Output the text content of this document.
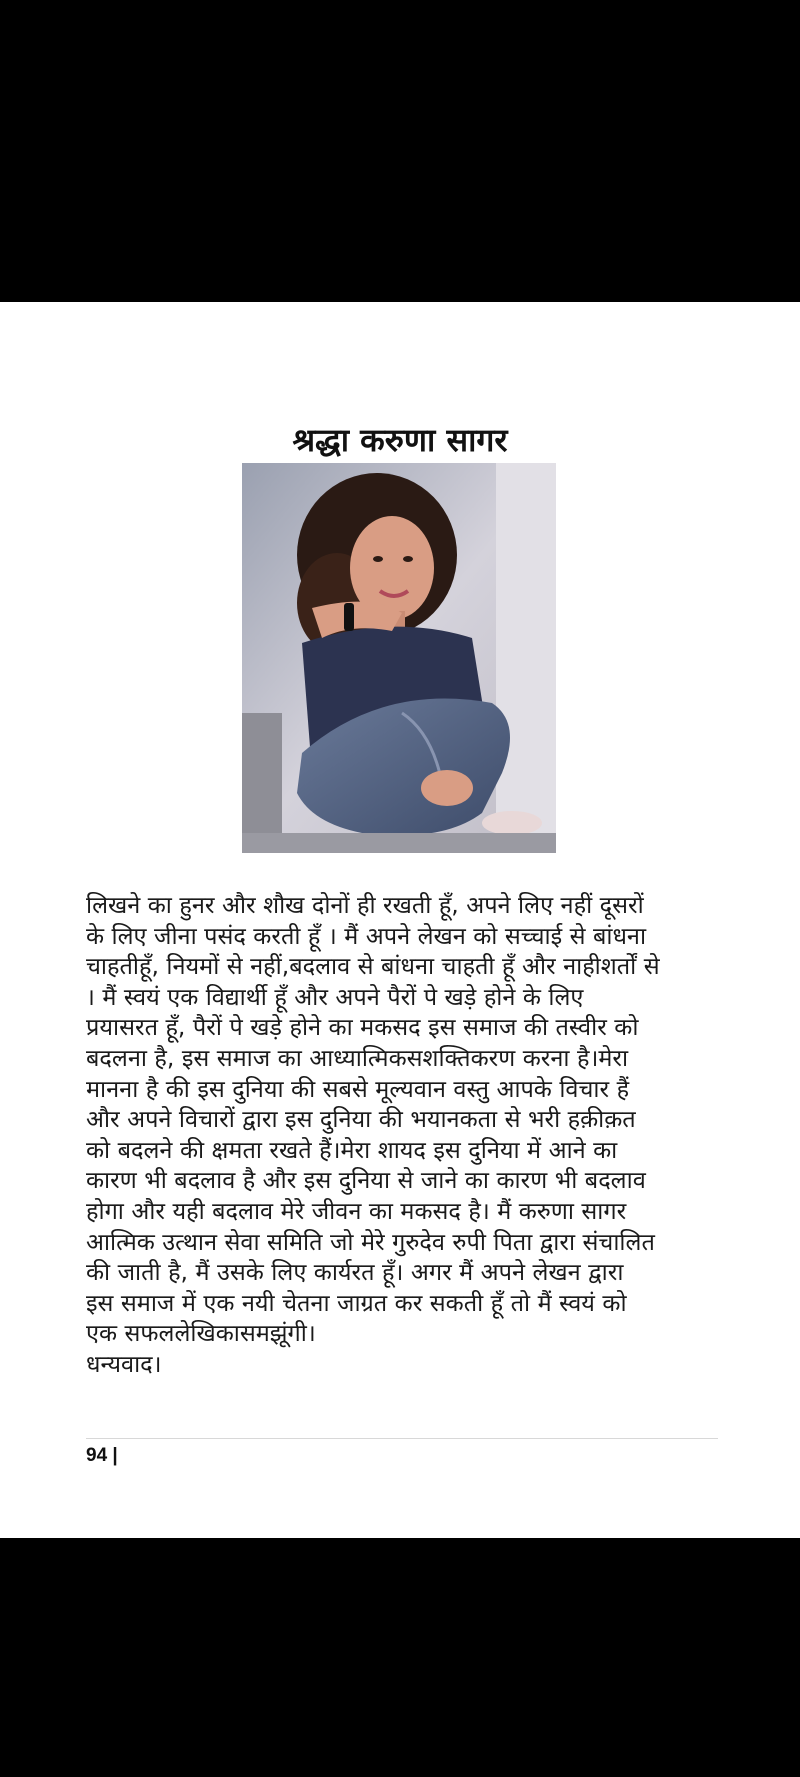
श्रद्धा करुणा सागर
लिखने का हुनर और शौख दोनों ही रखती हूँ, अपने लिए नहीं दूसरों
के लिए जीना पसंद करती हूँ । मैं अपने लेखन को सच्चाई से बांधना
चाहतीहूँ, नियमों से नहीं,बदलाव से बांधना चाहती हूँ और नाहीशर्तों से
। मैं स्वयं एक विद्यार्थी हूँ और अपने पैरों पे खड़े होने के लिए
प्रयासरत हूँ, पैरों पे खड़े होने का मकसद इस समाज की तस्वीर को
बदलना है, इस समाज का आध्यात्मिकसशक्तिकरण करना है।मेरा
मानना है की इस दुनिया की सबसे मूल्यवान वस्तु आपके विचार हैं
और अपने विचारों द्वारा इस दुनिया की भयानकता से भरी हक़ीक़त
को बदलने की क्षमता रखते हैं।मेरा शायद इस दुनिया में आने का
कारण भी बदलाव है और इस दुनिया से जाने का कारण भी बदलाव
होगा और यही बदलाव मेरे जीवन का मकसद है। मैं करुणा सागर
आत्मिक उत्थान सेवा समिति जो मेरे गुरुदेव रुपी पिता द्वारा संचालित
की जाती है, मैं उसके लिए कार्यरत हूँ। अगर मैं अपने लेखन द्वारा
इस समाज में एक नयी चेतना जाग्रत कर सकती हूँ तो मैं स्वयं को
एक सफललेखिकासमझूंगी।
धन्यवाद।
94 |
